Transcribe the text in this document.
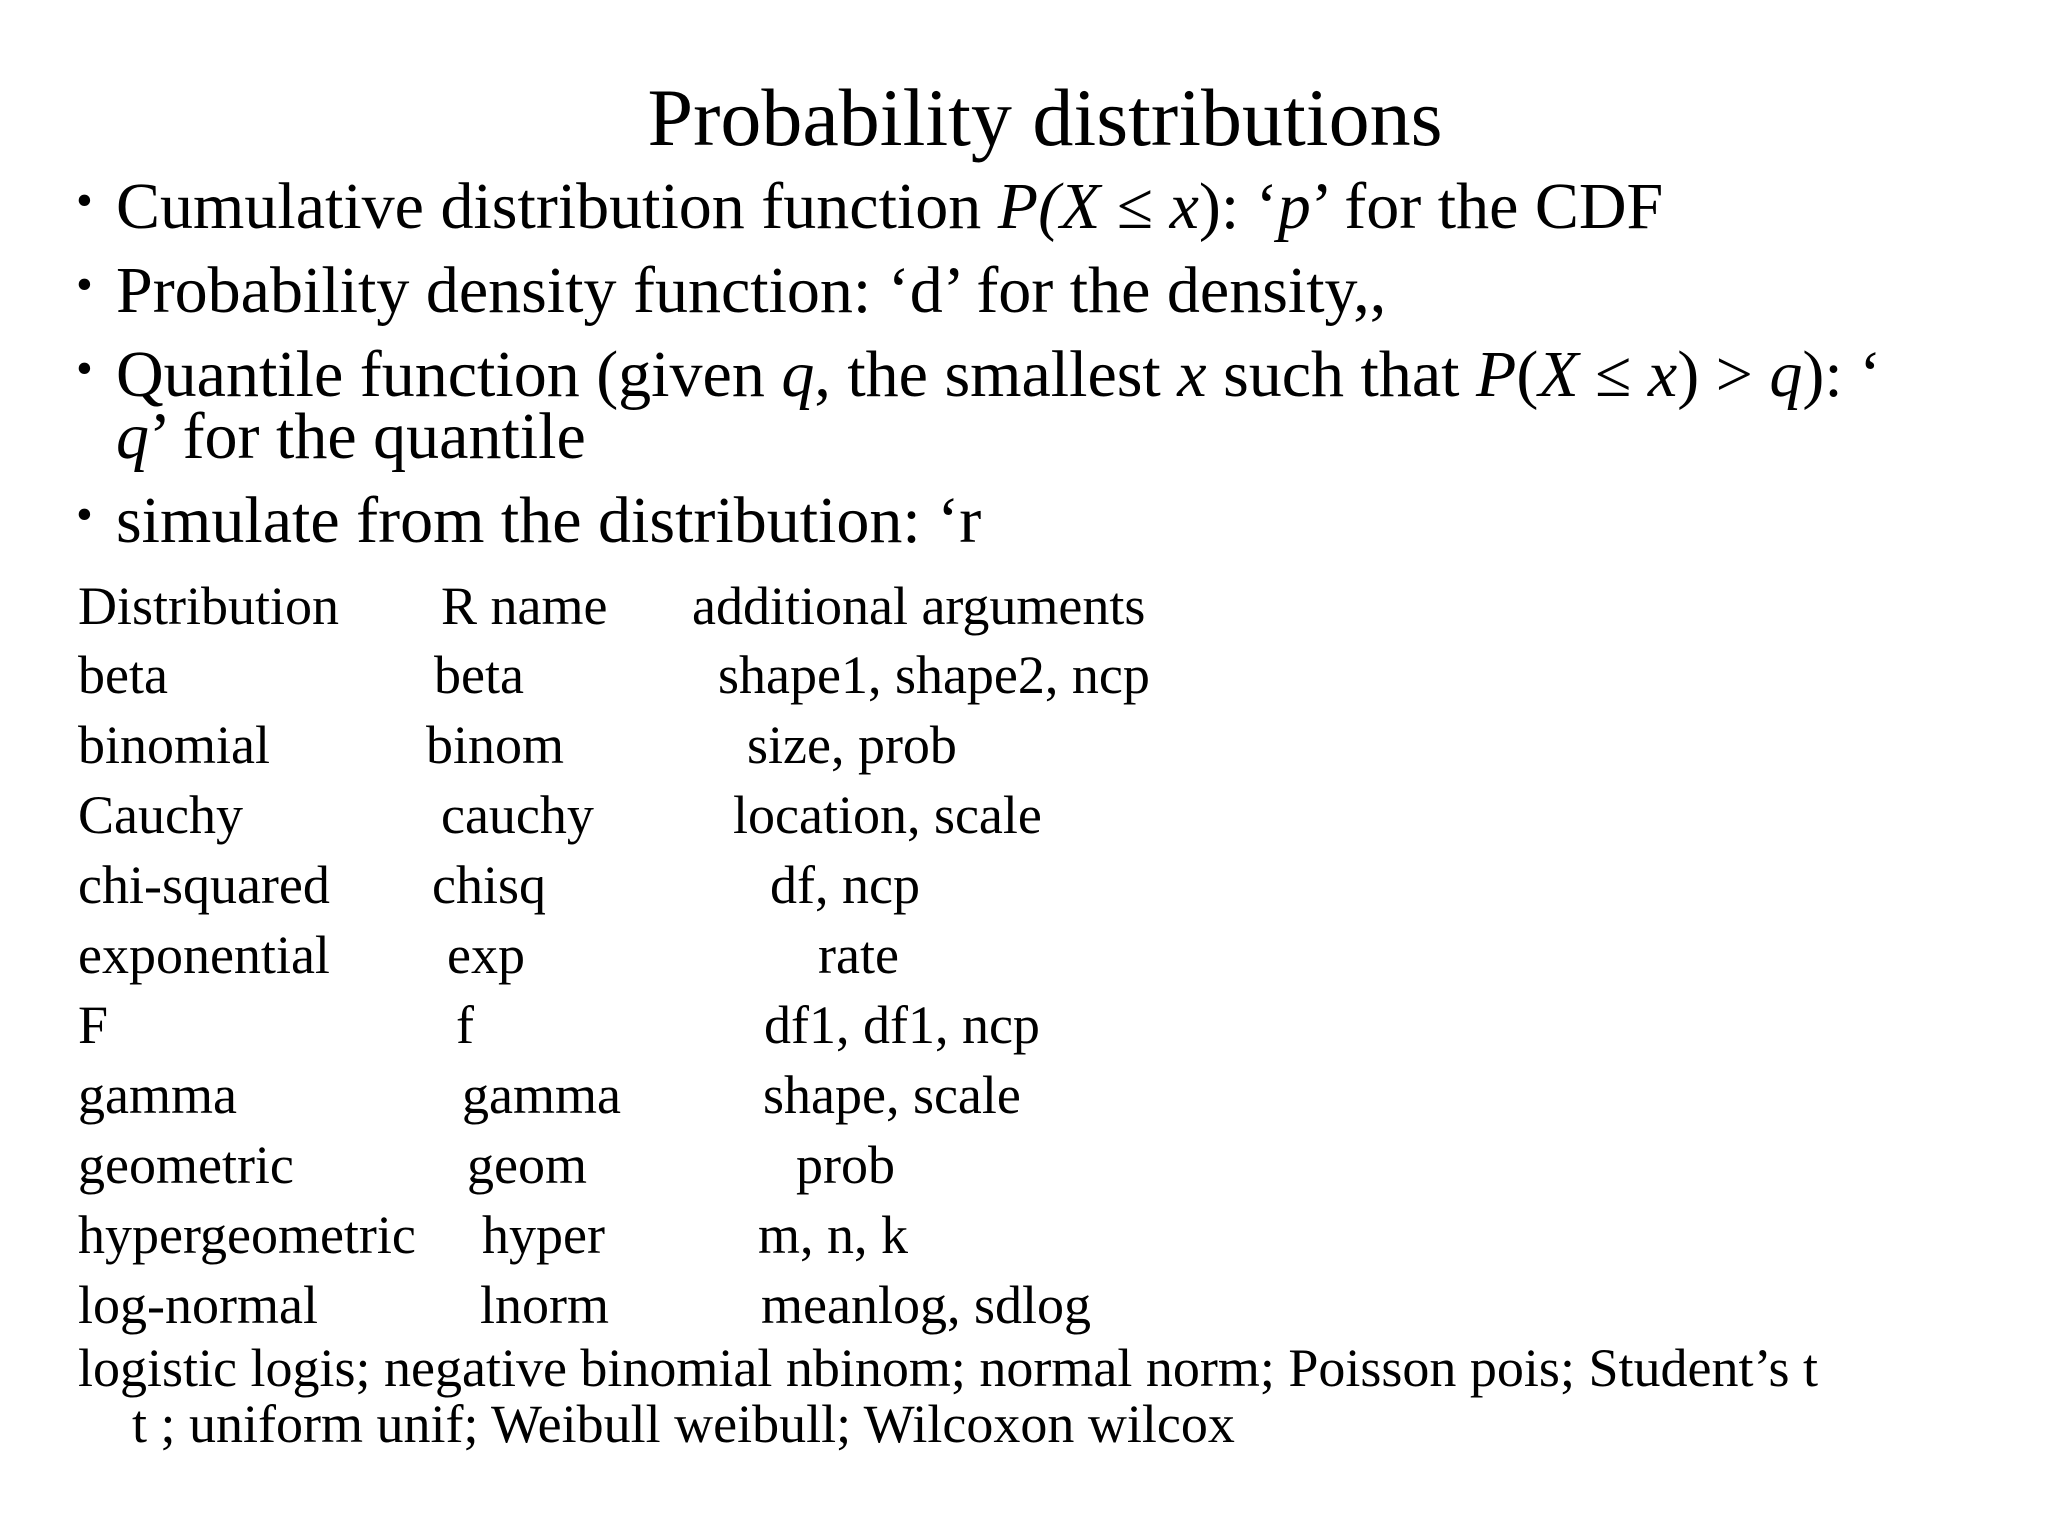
Probability distributions
• Cumulative distribution function P(X ≤ x): ‘p’ for the CDF
• Probability density function: ‘d’ for the density,,
• Quantile function (given q, the smallest x such that P(X ≤ x) > q): ‘
q’ for the quantile
• simulate from the distribution: ‘r
Distribution R name additional arguments
beta	beta	shape1, shape2, ncp
binomial	binom	size, prob
Cauchy	cauchy	location, scale
chi-squared chisq	df, ncp
exponential exp	rate
F	f	df1, df1, ncp
gamma	gamma	shape, scale
geometric	geom	prob
hypergeometric hyper	m, n, k
log-normal	lnorm	meanlog, sdlog
logistic logis; negative binomial nbinom; normal norm; Poisson pois; Student’s t
t ; uniform unif; Weibull weibull; Wilcoxon wilcox
